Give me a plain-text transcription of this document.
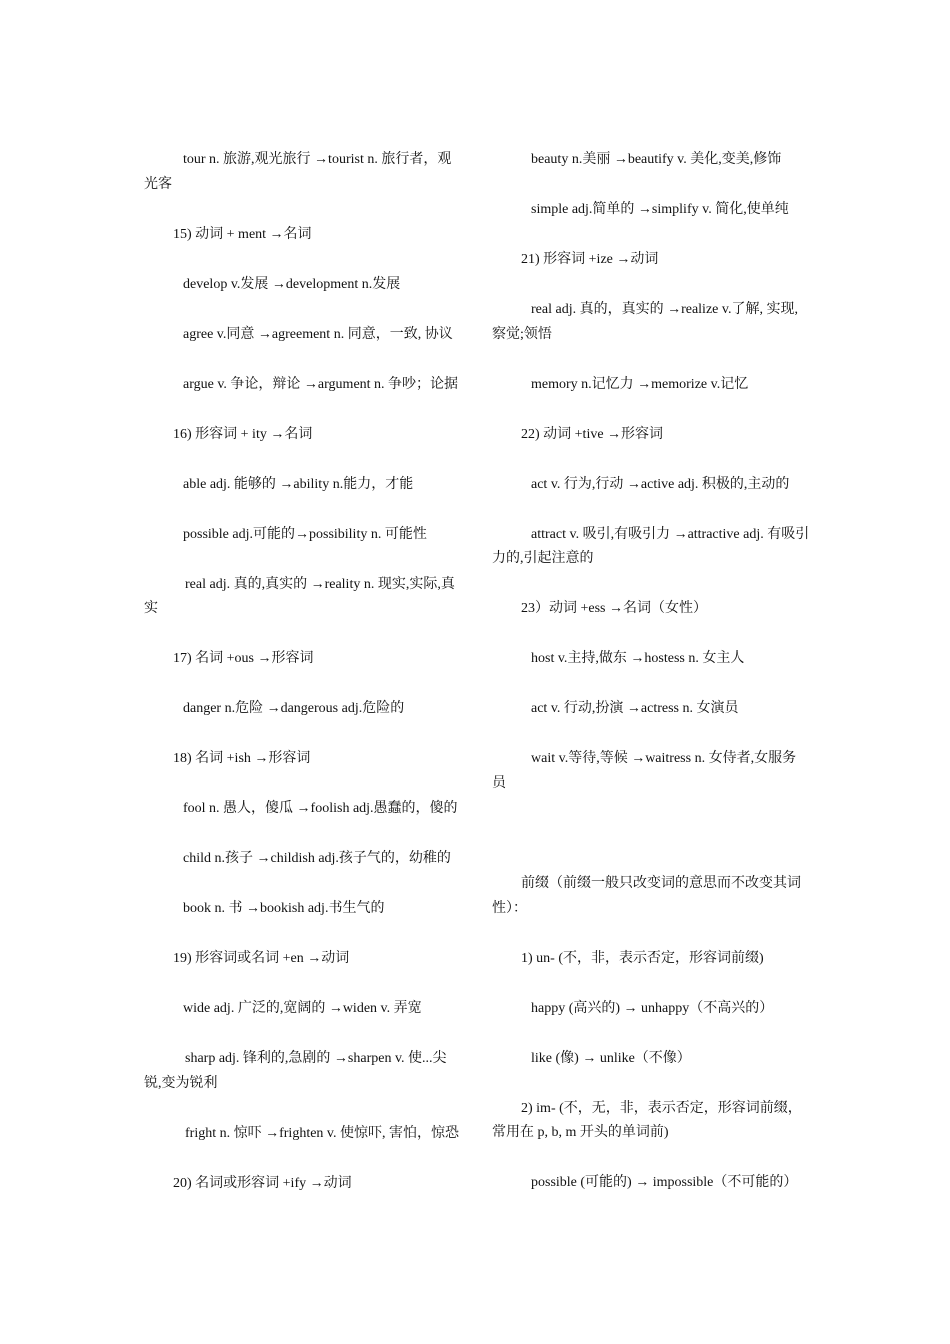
tour n. 旅游,观光旅行 →tourist n. 旅行者，观光客

15) 动词 + ment →名词

develop v.发展 →development n.发展

agree v.同意 →agreement n. 同意，一致, 协议

argue v. 争论，辩论 →argument n. 争吵；论据

16) 形容词 + ity →名词

able adj. 能够的 →ability n.能力，才能

possible adj.可能的→possibility n. 可能性

real adj. 真的,真实的 →reality n. 现实,实际,真实

17) 名词 +ous →形容词

danger n.危险 →dangerous adj.危险的

18) 名词 +ish →形容词

fool n. 愚人，傻瓜 →foolish adj.愚蠢的，傻的

child n.孩子 →childish adj.孩子气的，幼稚的

book n. 书 →bookish adj.书生气的

19) 形容词或名词 +en →动词

wide adj. 广泛的,宽阔的 →widen v. 弄宽

sharp adj. 锋利的,急剧的 →sharpen v. 使...尖锐,变为锐利

fright n. 惊吓 →frighten v. 使惊吓, 害怕，惊恐

20) 名词或形容词 +ify →动词

beauty n.美丽 →beautify v. 美化,变美,修饰

simple adj.简单的 →simplify v. 简化,使单纯

21) 形容词 +ize →动词

real adj. 真的，真实的 →realize v.了解, 实现,察觉;领悟

memory n.记忆力 →memorize v.记忆

22) 动词 +tive →形容词

act v. 行为,行动 →active adj. 积极的,主动的

attract v. 吸引,有吸引力 →attractive adj. 有吸引力的,引起注意的

23）动词 +ess →名词（女性）

host v.主持,做东 →hostess n. 女主人

act v. 行动,扮演 →actress n. 女演员

wait v.等待,等候 →waitress n. 女侍者,女服务员

前缀（前缀一般只改变词的意思而不改变其词性）：

1) un- (不，非，表示否定，形容词前缀)

happy (高兴的) → unhappy（不高兴的）

like (像) → unlike（不像）

2) im- (不，无，非，表示否定，形容词前缀，常用在 p, b, m 开头的单词前)

possible (可能的) → impossible（不可能的）
